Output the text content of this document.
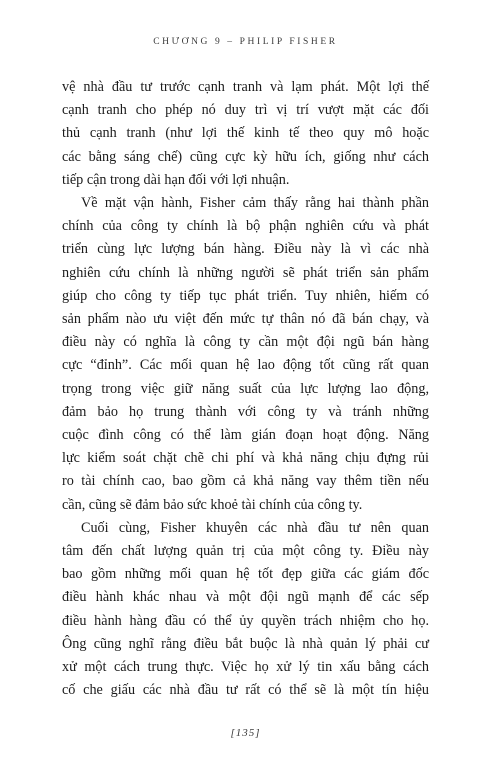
CHƯƠNG 9 – PHILIP FISHER
vệ nhà đầu tư trước cạnh tranh và lạm phát. Một lợi thế
cạnh tranh cho phép nó duy trì vị trí vượt mặt các đối
thủ cạnh tranh (như lợi thế kinh tế theo quy mô hoặc
các bằng sáng chế) cũng cực kỳ hữu ích, giống như cách
tiếp cận trong dài hạn đối với lợi nhuận.
Về mặt vận hành, Fisher cảm thấy rằng hai thành phần
chính của công ty chính là bộ phận nghiên cứu và phát
triển cùng lực lượng bán hàng. Điều này là vì các nhà
nghiên cứu chính là những người sẽ phát triển sản phẩm
giúp cho công ty tiếp tục phát triển. Tuy nhiên, hiếm có
sản phẩm nào ưu việt đến mức tự thân nó đã bán chạy, và
điều này có nghĩa là công ty cần một đội ngũ bán hàng
cực “đỉnh”. Các mối quan hệ lao động tốt cũng rất quan
trọng trong việc giữ năng suất của lực lượng lao động,
đảm bảo họ trung thành với công ty và tránh những
cuộc đình công có thể làm gián đoạn hoạt động. Năng
lực kiểm soát chặt chẽ chi phí và khả năng chịu đựng rủi
ro tài chính cao, bao gồm cả khả năng vay thêm tiền nếu
cần, cũng sẽ đảm bảo sức khoẻ tài chính của công ty.
Cuối cùng, Fisher khuyên các nhà đầu tư nên quan
tâm đến chất lượng quản trị của một công ty. Điều này
bao gồm những mối quan hệ tốt đẹp giữa các giám đốc
điều hành khác nhau và một đội ngũ mạnh để các sếp
điều hành hàng đầu có thể ủy quyền trách nhiệm cho họ.
Ông cũng nghĩ rằng điều bắt buộc là nhà quản lý phải cư
xử một cách trung thực. Việc họ xử lý tin xấu bằng cách
cố che giấu các nhà đầu tư rất có thể sẽ là một tín hiệu
[135]
